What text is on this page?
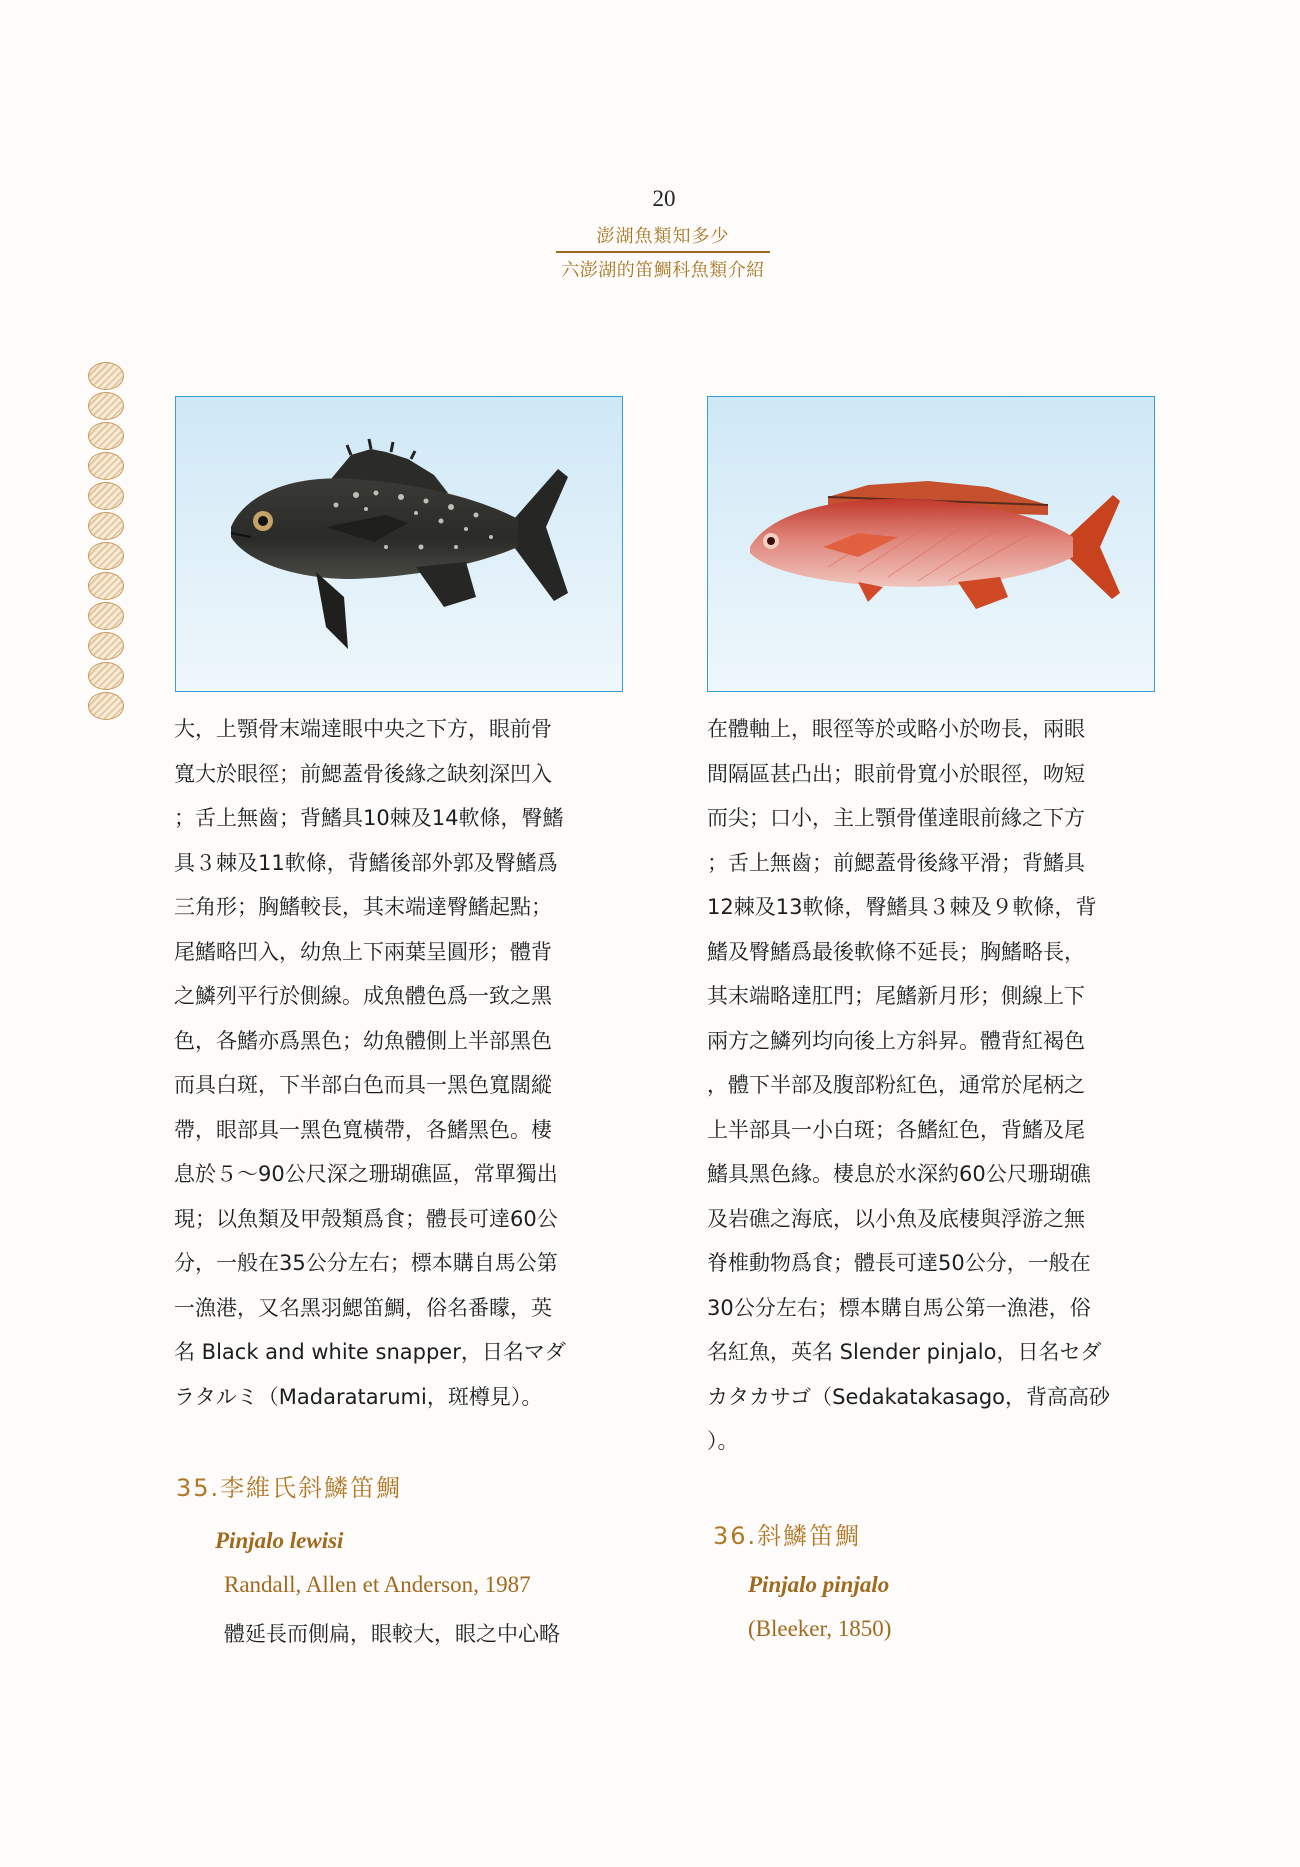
20
澎湖魚類知多少
六澎湖的笛鯛科魚類介紹

大，上顎骨末端達眼中央之下方，眼前骨

寬大於眼徑；前鰓蓋骨後緣之缺刻深凹入

；舌上無齒；背鰭具10棘及14軟條，臀鰭

具３棘及11軟條，背鰭後部外郭及臀鰭爲

三角形；胸鰭較長，其末端達臀鰭起點；

尾鰭略凹入，幼魚上下兩葉呈圓形；體背

之鱗列平行於側線。成魚體色爲一致之黑

色，各鰭亦爲黑色；幼魚體側上半部黑色

而具白斑，下半部白色而具一黑色寬闊縱

帶，眼部具一黑色寬橫帶，各鰭黑色。棲

息於５～90公尺深之珊瑚礁區，常單獨出

現；以魚類及甲殼類爲食；體長可達60公

分，一般在35公分左右；標本購自馬公第

一漁港，又名黑羽鰓笛鯛，俗名番矇，英

名 Black and white snapper，日名マダ

ラタルミ（Madaratarumi，斑樽見）。

在體軸上，眼徑等於或略小於吻長，兩眼

間隔區甚凸出；眼前骨寬小於眼徑，吻短

而尖；口小，主上顎骨僅達眼前緣之下方

；舌上無齒；前鰓蓋骨後緣平滑；背鰭具

12棘及13軟條，臀鰭具３棘及９軟條，背

鰭及臀鰭爲最後軟條不延長；胸鰭略長，

其末端略達肛門；尾鰭新月形；側線上下

兩方之鱗列均向後上方斜昇。體背紅褐色

，體下半部及腹部粉紅色，通常於尾柄之

上半部具一小白斑；各鰭紅色，背鰭及尾

鰭具黑色緣。棲息於水深約60公尺珊瑚礁

及岩礁之海底，以小魚及底棲與浮游之無

脊椎動物爲食；體長可達50公分，一般在

30公分左右；標本購自馬公第一漁港，俗

名紅魚，英名 Slender pinjalo，日名セダ

カタカサゴ（Sedakatakasago，背高高砂

）。

35.李維氏斜鱗笛鯛
Pinjalo lewisi
Randall, Allen et Anderson, 1987
體延長而側扁，眼較大，眼之中心略
36.斜鱗笛鯛
Pinjalo pinjalo
(Bleeker, 1850)
